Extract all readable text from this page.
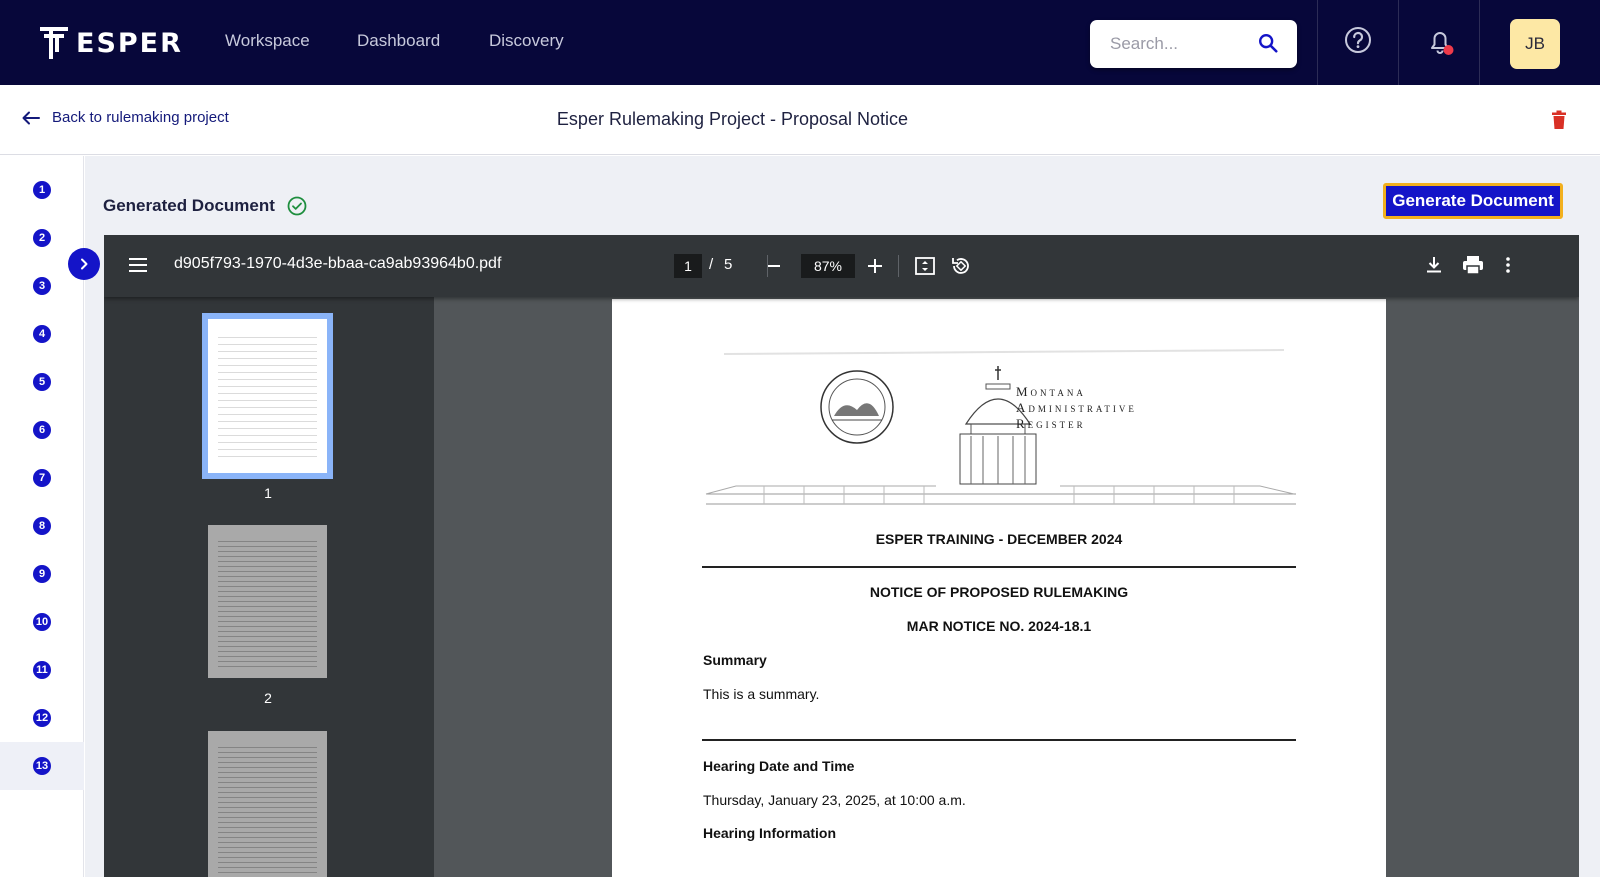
ESPER Workspace	Dashboard	Discovery
Search...	JB
Back to rulemaking project	Esper Rulemaking Project - Proposal Notice
1
2
3
4
5
6
7
8
9
10
11
12
13
Generated Document	Generate Document
d905f793-1970-4d3e-bbaa-ca9ab93964b0.pdf	1	/ 5	87%
1
2
Montana
Administrative
Register
ESPER TRAINING - DECEMBER 2024
NOTICE OF PROPOSED RULEMAKING
MAR NOTICE NO. 2024-18.1
Summary
This is a summary.
Hearing Date and Time
Thursday, January 23, 2025, at 10:00 a.m.
Hearing Information
